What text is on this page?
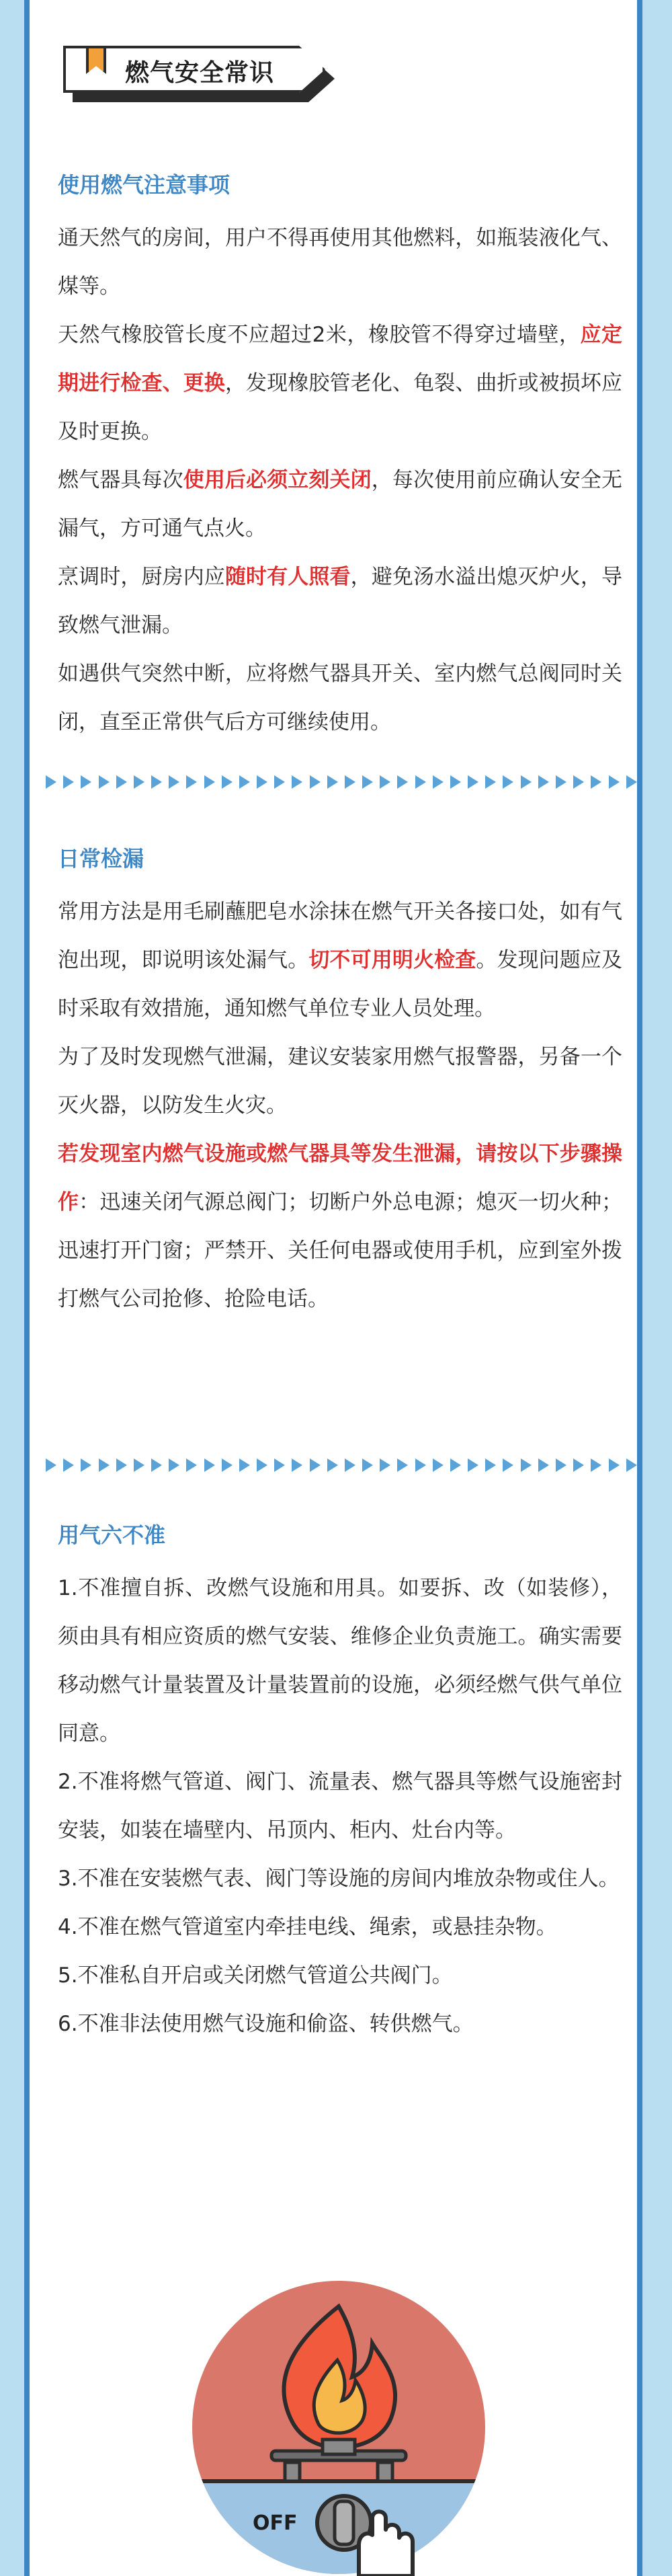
燃气安全常识
使用燃气注意事项

通天然气的房间，用户不得再使用其他燃料，如瓶装液化气、煤等。

天然气橡胶管长度不应超过2米，橡胶管不得穿过墙壁，应定期进行检查、更换，发现橡胶管老化、龟裂、曲折或被损坏应及时更换。

燃气器具每次使用后必须立刻关闭，每次使用前应确认安全无漏气，方可通气点火。

烹调时，厨房内应随时有人照看，避免汤水溢出熄灭炉火，导致燃气泄漏。

如遇供气突然中断，应将燃气器具开关、室内燃气总阀同时关闭，直至正常供气后方可继续使用。

日常检漏

常用方法是用毛刷蘸肥皂水涂抹在燃气开关各接口处，如有气泡出现，即说明该处漏气。切不可用明火检查。发现问题应及时采取有效措施，通知燃气单位专业人员处理。

为了及时发现燃气泄漏，建议安装家用燃气报警器，另备一个灭火器，以防发生火灾。

若发现室内燃气设施或燃气器具等发生泄漏，请按以下步骤操作：迅速关闭气源总阀门；切断户外总电源；熄灭一切火种；迅速打开门窗；严禁开、关任何电器或使用手机，应到室外拨打燃气公司抢修、抢险电话。

用气六不准

1.不准擅自拆、改燃气设施和用具。如要拆、改（如装修），须由具有相应资质的燃气安装、维修企业负责施工。确实需要移动燃气计量装置及计量装置前的设施，必须经燃气供气单位同意。

2.不准将燃气管道、阀门、流量表、燃气器具等燃气设施密封安装，如装在墙壁内、吊顶内、柜内、灶台内等。

3.不准在安装燃气表、阀门等设施的房间内堆放杂物或住人。

4.不准在燃气管道室内牵挂电线、绳索，或悬挂杂物。

5.不准私自开启或关闭燃气管道公共阀门。

6.不准非法使用燃气设施和偷盗、转供燃气。

OFF
